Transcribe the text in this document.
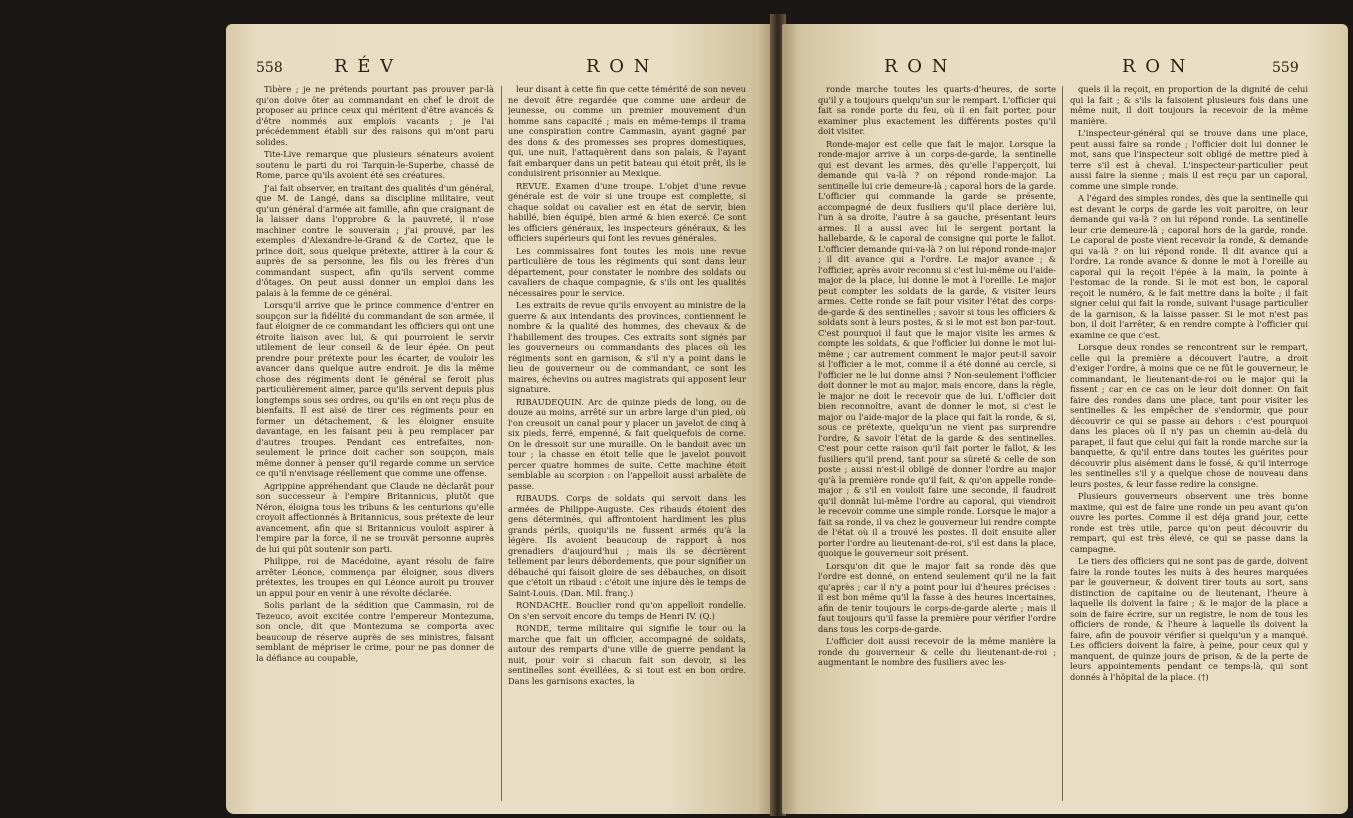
558	R É V	R O N

Tibère ; je ne prétends pourtant pas prouver par-là qu'on doive ôter au commandant en chef le droit de proposer au prince ceux qui méritent d'être avancés & d'être nommés aux emplois vacants ; je l'ai précédemment établi sur des raisons qui m'ont paru solides.

Tite-Live remarque que plusieurs sénateurs avoient soutenu le parti du roi Tarquin-le-Superbe, chassé de Rome, parce qu'ils avoient été ses créatures.

J'ai fait observer, en traitant des qualités d'un général, que M. de Langé, dans sa discipline militaire, veut qu'un général d'armée ait famille, afin que craignant de la laisser dans l'opprobre & la pauvreté, il n'ose machiner contre le souverain ; j'ai prouvé, par les exemples d'Alexandre-le-Grand & de Cortez, que le prince doit, sous quelque prétexte, attirer à la cour & auprès de sa personne, les fils ou les frères d'un commandant suspect, afin qu'ils servent comme d'ôtages. On peut aussi donner un emploi dans les palais à la femme de ce général.

Lorsqu'il arrive que le prince commence d'entrer en soupçon sur la fidélité du commandant de son armée, il faut éloigner de ce commandant les officiers qui ont une étroite liaison avec lui, & qui pourroient le servir utilement de leur conseil & de leur épée. On peut prendre pour prétexte pour les écarter, de vouloir les avancer dans quelque autre endroit. Je dis la même chose des régiments dont le général se feroit plus particulièrement aimer, parce qu'ils servent depuis plus longtemps sous ses ordres, ou qu'ils en ont reçu plus de bienfaits. Il est aisé de tirer ces régiments pour en former un détachement, & les éloigner ensuite davantage, en les faisant peu à peu remplacer par d'autres troupes. Pendant ces entrefaites, non-seulement le prince doit cacher son soupçon, mais même donner à penser qu'il regarde comme un service ce qu'il n'envisage réellement que comme une offense.

Agrippine appréhendant que Claude ne déclarât pour son successeur à l'empire Britannicus, plutôt que Néron, éloigna tous les tribuns & les centurions qu'elle croyoit affectionnés à Britannicus, sous prétexte de leur avancement, afin que si Britannicus vouloit aspirer à l'empire par la force, il ne se trouvât personne auprès de lui qui pût soutenir son parti.

Philippe, roi de Macédoine, ayant résolu de faire arrêter Léonce, commença par éloigner, sous divers prétextes, les troupes en qui Léonce auroit pu trouver un appui pour en venir à une révolte déclarée.

Solis parlant de la sédition que Cammasin, roi de Tezeuco, avoit excitée contre l'empereur Montezuma, son oncle, dit que Montezuma se comporta avec beaucoup de réserve auprès de ses ministres, faisant semblant de mépriser le crime, pour ne pas donner de la défiance au coupable,

leur disant à cette fin que cette témérité de son neveu ne devoit être regardée que comme une ardeur de jeunesse, ou comme un premier mouvement d'un homme sans capacité ; mais en même-temps il trama une conspiration contre Cammasin, ayant gagné par des dons & des promesses ses propres domestiques, qui, une nuit, l'attaquèrent dans son palais, & l'ayant fait embarquer dans un petit bateau qui étoit prêt, ils le conduisirent prisonnier au Mexique.

REVUE. Examen d'une troupe. L'objet d'une revue générale est de voir si une troupe est complette, si chaque soldat ou cavalier est en état de servir, bien habillé, bien équipé, bien armé & bien exercé. Ce sont les officiers généraux, les inspecteurs généraux, & les officiers supérieurs qui font les revues générales.

Les commissaires font toutes les mois une revue particulière de tous les régiments qui sont dans leur département, pour constater le nombre des soldats ou cavaliers de chaque compagnie, & s'ils ont les qualités nécessaires pour le service.

Les extraits de revue qu'ils envoyent au ministre de la guerre & aux intendants des provinces, contiennent le nombre & la qualité des hommes, des chevaux & de l'habillement des troupes. Ces extraits sont signés par les gouverneurs ou commandants des places où les régiments sont en garnison, & s'il n'y a point dans le lieu de gouverneur ou de commandant, ce sont les maires, échevins ou autres magistrats qui apposent leur signature.

RIBAUDEQUIN. Arc de quinze pieds de long, ou de douze au moins, arrêté sur un arbre large d'un pied, où l'on creusoit un canal pour y placer un javelot de cinq à six pieds, ferré, empenné, & fait quelquefois de corne. On le dressoit sur une muraille. On le bandoit avec un tour ; la chasse en étoit telle que le javelot pouvoit percer quatre hommes de suite. Cette machine étoit semblable au scorpion : on l'appelloit aussi arbalète de passe.

RIBAUDS. Corps de soldats qui servoit dans les armées de Philippe-Auguste. Ces ribauds étoient des gens déterminés, qui affrontoient hardiment les plus grands périls, quoiqu'ils ne fussent armés qu'à la légère. Ils avoient beaucoup de rapport à nos grenadiers d'aujourd'hui ; mais ils se décrièrent tellement par leurs débordements, que pour signifier un débauché qui faisoit gloire de ses débauches, on disoit que c'étoit un ribaud : c'étoit une injure dès le temps de Saint-Louis. (Dan. Mil. franç.)

RONDACHE. Bouclier rond qu'on appelloit rondelle. On s'en servoit encore du temps de Henri IV. (Q.)

RONDE, terme militaire qui signifie le tour ou la marche que fait un officier, accompagné de soldats, autour des remparts d'une ville de guerre pendant la nuit, pour voir si chacun fait son devoir, si les sentinelles sont éveillées, & si tout est en bon ordre. Dans les garnisons exactes, la

R O N	R O N	559

ronde marche toutes les quarts-d'heures, de sorte qu'il y a toujours quelqu'un sur le rempart. L'officier qui fait sa ronde porte du feu, où il en fait porter, pour examiner plus exactement les différents postes qu'il doit visiter.

Ronde-major est celle que fait le major. Lorsque la ronde-major arrive à un corps-de-garde, la sentinelle qui est devant les armes, dès qu'elle l'apperçoit, lui demande qui va-là ? on répond ronde-major. La sentinelle lui crie demeure-là ; caporal hors de la garde. L'officier qui commande la garde se présente, accompagné de deux fusiliers qu'il place derière lui, l'un à sa droite, l'autre à sa gauche, présentant leurs armes. Il a aussi avec lui le sergent portant la hallebarde, & le caporal de consigne qui porte le fallot. L'officier demande qui-va-là ? on lui répond ronde-major ; il dit avance qui a l'ordre. Le major avance ; & l'officier, après avoir reconnu si c'est lui-même ou l'aide-major de la place, lui donne le mot à l'oreille. Le major peut compter les soldats de la garde, & visiter leurs armes. Cette ronde se fait pour visiter l'état des corps-de-garde & des sentinelles ; savoir si tous les officiers & soldats sont à leurs postes, & si le mot est bon par-tout. C'est pourquoi il faut que le major visite les armes & compte les soldats, & que l'officier lui donne le mot lui-même ; car autrement comment le major peut-il savoir si l'officier a le mot, comme il a été donné au cercle, si l'officier ne le lui donne ainsi ? Non-seulement l'officier doit donner le mot au major, mais encore, dans la règle, le major ne doit le recevoir que de lui. L'officier doit bien reconnoître, avant de donner le mot, si c'est le major ou l'aide-major de la place qui fait la ronde, & si, sous ce prétexte, quelqu'un ne vient pas surprendre l'ordre, & savoir l'état de la garde & des sentinelles. C'est pour cette raison qu'il fait porter le fallot, & les fusiliers qu'il prend, tant pour sa sûreté & celle de son poste ; aussi n'est-il obligé de donner l'ordre au major qu'à la première ronde qu'il fait, & qu'on appelle ronde-major ; & s'il en vouloit faire une seconde, il faudroit qu'il donnât lui-même l'ordre au caporal, qui viendroit le recevoir comme une simple ronde. Lorsque le major a fait sa ronde, il va chez le gouverneur lui rendre compte de l'état où il a trouvé les postes. Il doit ensuite aller porter l'ordre au lieutenant-de-roi, s'il est dans la place, quoique le gouverneur soit présent.

Lorsqu'on dit que le major fait sa ronde dès que l'ordre est donné, on entend seulement qu'il ne la fait qu'après ; car il n'y a point pour lui d'heures précises : il est bon même qu'il la fasse à des heures incertaines, afin de tenir toujours le corps-de-garde alerte ; mais il faut toujours qu'il fasse la première pour vérifier l'ordre dans tous les corps-de-garde.

L'officier doit aussi recevoir de la même manière la ronde du gouverneur & celle du lieutenant-de-roi ; augmentant le nombre des fusiliers avec les-

quels il la reçoit, en proportion de la dignité de celui qui la fait ; & s'ils la faisoient plusieurs fois dans une même nuit, il doit toujours la recevoir de la même manière.

L'inspecteur-général qui se trouve dans une place, peut aussi faire sa ronde ; l'officier doit lui donner le mot, sans que l'inspecteur soit obligé de mettre pied à terre s'il est à cheval. L'inspecteur-particulier peut aussi faire la sienne ; mais il est reçu par un caporal, comme une simple ronde.

A l'égard des simples rondes, dès que la sentinelle qui est devant le corps de garde les voit paroitre, on leur demande qui va-là ? on lui répond ronde. La sentinelle leur crie demeure-là ; caporal hors de la garde, ronde. Le caporal de poste vient recevoir la ronde, & demande qui va-là ? on lui répond ronde. Il dit avance qui a l'ordre. La ronde avance & donne le mot à l'oreille au caporal qui la reçoit l'épée à la main, la pointe à l'estomac de la ronde. Si le mot est bon, le caporal reçoit le numéro, & le fait mettre dans la boîte ; il fait signer celui qui fait la ronde, suivant l'usage particulier de la garnison, & la laisse passer. Si le mot n'est pas bon, il doit l'arrêter, & en rendre compte à l'officier qui examine ce que c'est.

Lorsque deux rondes se rencontrent sur le rempart, celle qui la première a découvert l'autre, a droit d'exiger l'ordre, à moins que ce ne fût le gouverneur, le commandant, le lieutenant-de-roi ou le major qui la fissent ; car en ce cas on le leur doit donner. On fait faire des rondes dans une place, tant pour visiter les sentinelles & les empêcher de s'endormir, que pour découvrir ce qui se passe au dehors : c'est pourquoi dans les places où il n'y pas un chemin au-delà du parapet, il faut que celui qui fait la ronde marche sur la banquette, & qu'il entre dans toutes les guérites pour découvrir plus aisément dans le fossé, & qu'il interroge les sentinelles s'il y a quelque chose de nouveau dans leurs postes, & leur fasse redire la consigne.

Plusieurs gouverneurs observent une très bonne maxime, qui est de faire une ronde un peu avant qu'on ouvre les portes. Comme il est déja grand jour, cette ronde est très utile, parce qu'on peut découvrir du rempart, qui est très élevé, ce qui se passe dans la campagne.

Le tiers des officiers qui ne sont pas de garde, doivent faire la ronde toutes les nuits à des heures marquées par le gouverneur, & doivent tirer touts au sort, sans distinction de capitaine ou de lieutenant, l'heure à laquelle ils doivent la faire ; & le major de la place a soin de faire écrire, sur un registre, le nom de tous les officiers de ronde, & l'heure à laquelle ils doivent la faire, afin de pouvoir vérifier si quelqu'un y a manqué. Les officiers doivent la faire, à peine, pour ceux qui y manquent, de quinze jours de prison, & de la perte de leurs appointements pendant ce temps-là, qui sont donnés à l'hôpital de la place. (†)
